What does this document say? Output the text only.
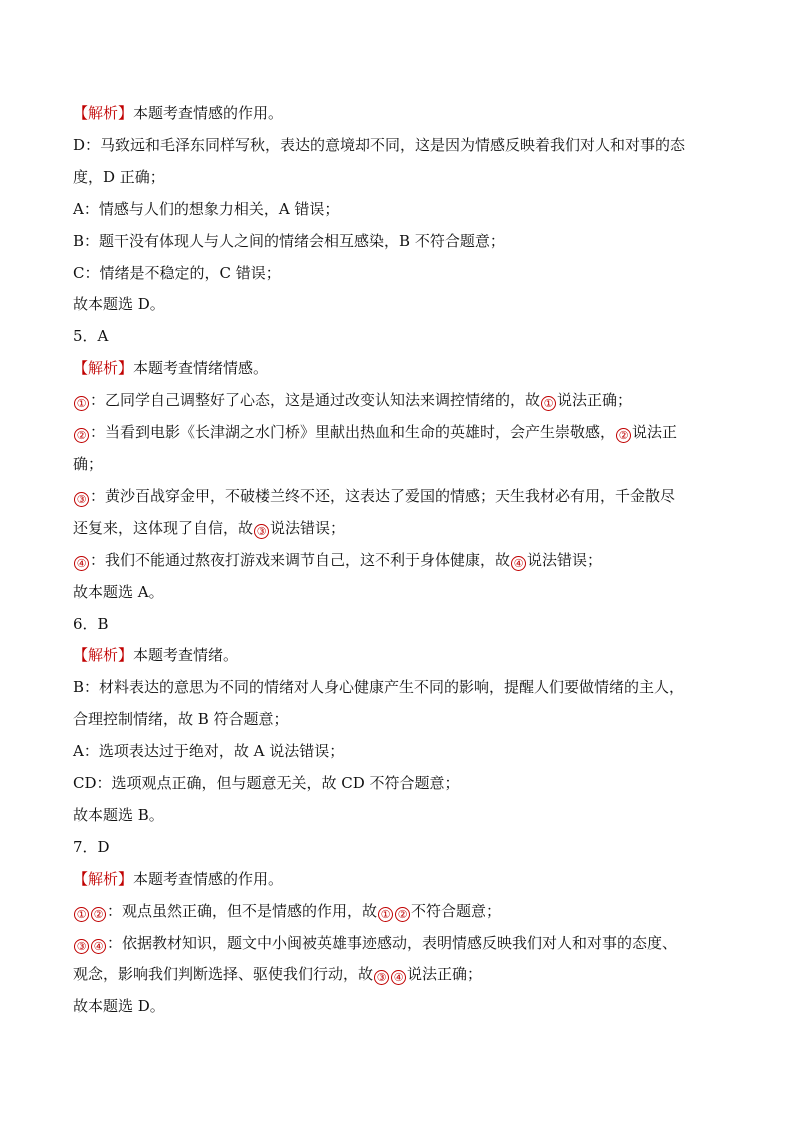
【解析】本题考查情感的作用。
D：马致远和毛泽东同样写秋，表达的意境却不同，这是因为情感反映着我们对人和对事的态
度，D 正确；
A：情感与人们的想象力相关，A 错误；
B：题干没有体现人与人之间的情绪会相互感染，B 不符合题意；
C：情绪是不稳定的，C 错误；
故本题选 D。
5．A
【解析】本题考查情绪情感。
① ：乙同学自己调整好了心态，这是通过改变认知法来调控情绪的，故 ① 说法正确；
② ：当看到电影《长津湖之水门桥》里献出热血和生命的英雄时，会产生崇敬感， ② 说法正
确；
③ ：黄沙百战穿金甲，不破楼兰终不还，这表达了爱国的情感；天生我材必有用，千金散尽
还复来，这体现了自信，故 ③ 说法错误；
④ ：我们不能通过熬夜打游戏来调节自己，这不利于身体健康，故 ④ 说法错误；
故本题选 A。
6．B
【解析】本题考查情绪。
B：材料表达的意思为不同的情绪对人身心健康产生不同的影响，提醒人们要做情绪的主人，
合理控制情绪，故 B 符合题意；
A：选项表达过于绝对，故 A 说法错误；
CD：选项观点正确，但与题意无关，故 CD 不符合题意；
故本题选 B。
7．D
【解析】本题考查情感的作用。
① ② ：观点虽然正确，但不是情感的作用，故 ① ② 不符合题意；
③ ④ ：依据教材知识，题文中小闽被英雄事迹感动，表明情感反映我们对人和对事的态度、
观念，影响我们判断选择、驱使我们行动，故 ③ ④ 说法正确；
故本题选 D。
